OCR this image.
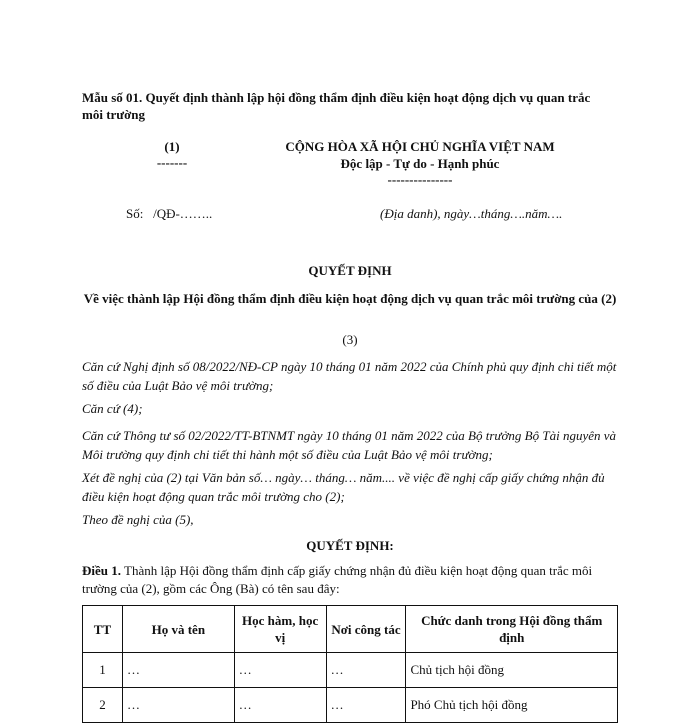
Mẫu số 01. Quyết định thành lập hội đồng thẩm định điều kiện hoạt động dịch vụ quan trắc môi trường
(1)
-------
CỘNG HÒA XÃ HỘI CHỦ NGHĨA VIỆT NAM
Độc lập - Tự do - Hạnh phúc
---------------
Số:   /QĐ-……..	(Địa danh), ngày…tháng….năm….
QUYẾT ĐỊNH
Về việc thành lập Hội đồng thẩm định điều kiện hoạt động dịch vụ quan trắc môi trường của (2)
(3)
Căn cứ Nghị định số 08/2022/NĐ-CP ngày 10 tháng 01 năm 2022 của Chính phủ quy định chi tiết một số điều của Luật Bảo vệ môi trường;
Căn cứ (4);
Căn cứ Thông tư số 02/2022/TT-BTNMT ngày 10 tháng 01 năm 2022 của Bộ trưởng Bộ Tài nguyên và Môi trường quy định chi tiết thi hành một số điều của Luật Bảo vệ môi trường;
Xét đề nghị của (2) tại Văn bản số… ngày… tháng… năm.... về việc đề nghị cấp giấy chứng nhận đủ điều kiện hoạt động quan trắc môi trường cho (2);
Theo đề nghị của (5),
QUYẾT ĐỊNH:
Điều 1. Thành lập Hội đồng thẩm định cấp giấy chứng nhận đủ điều kiện hoạt động quan trắc môi trường của (2), gồm các Ông (Bà) có tên sau đây:
TT	Họ và tên	Học hàm, học vị	Nơi công tác	Chức danh trong Hội đồng thẩm định
1	…	…	…	Chủ tịch hội đồng
2	…	…	…	Phó Chủ tịch hội đồng
